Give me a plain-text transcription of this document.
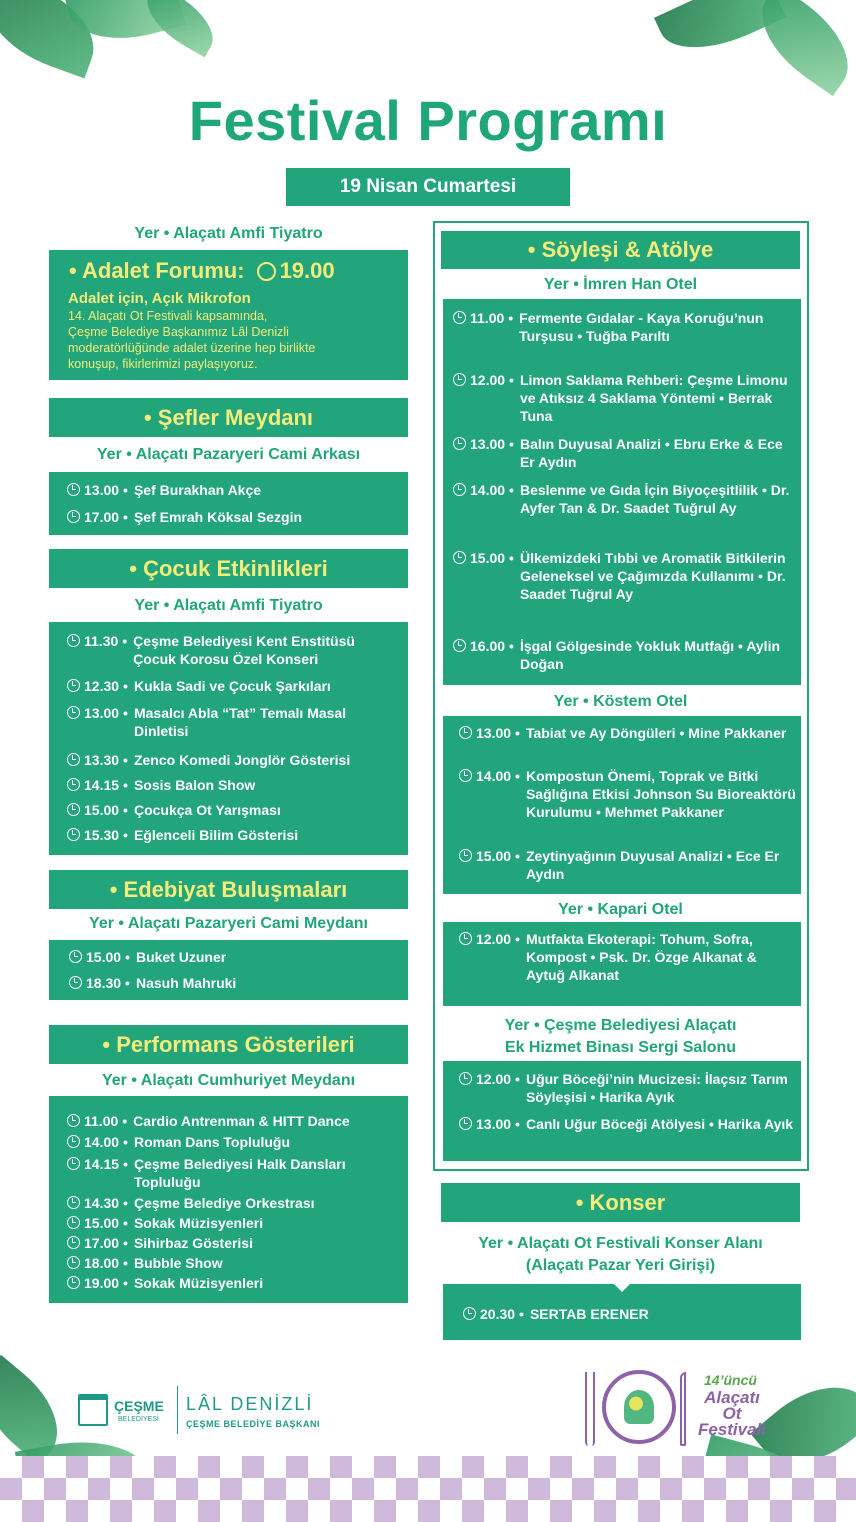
Festival Programı
19 Nisan Cumartesi
Yer • Alaçatı Amfi Tiyatro
• Adalet Forumu: 19.00
Adalet için, Açık Mikrofon
14. Alaçatı Ot Festivali kapsamında,
Çeşme Belediye Başkanımız Lâl Denizli
moderatörlüğünde adalet üzerine hep birlikte
konuşup, fikirlerimizi paylaşıyoruz.
• Şefler Meydanı
Yer • Alaçatı Pazaryeri Cami Arkası
13.00 • Şef Burakhan Akçe
17.00 • Şef Emrah Köksal Sezgin
• Çocuk Etkinlikleri
Yer • Alaçatı Amfi Tiyatro
11.30 • Çeşme Belediyesi Kent Enstitüsü Çocuk Korosu Özel Konseri
12.30 • Kukla Sadi ve Çocuk Şarkıları
13.00 • Masalcı Abla “Tat” Temalı Masal Dinletisi
13.30 • Zenco Komedi Jonglör Gösterisi
14.15 • Sosis Balon Show
15.00 • Çocukça Ot Yarışması
15.30 • Eğlenceli Bilim Gösterisi
• Edebiyat Buluşmaları
Yer • Alaçatı Pazaryeri Cami Meydanı
15.00 • Buket Uzuner
18.30 • Nasuh Mahruki
• Performans Gösterileri
Yer • Alaçatı Cumhuriyet Meydanı
11.00 • Cardio Antrenman & HITT Dance
14.00 • Roman Dans Topluluğu
14.15 • Çeşme Belediyesi Halk Dansları Topluluğu
14.30 • Çeşme Belediye Orkestrası
15.00 • Sokak Müzisyenleri
17.00 • Sihirbaz Gösterisi
18.00 • Bubble Show
19.00 • Sokak Müzisyenleri
• Söyleşi & Atölye
Yer • İmren Han Otel
11.00 • Fermente Gıdalar - Kaya Koruğu’nun Turşusu • Tuğba Parıltı
12.00 • Limon Saklama Rehberi: Çeşme Limonu ve Atıksız 4 Saklama Yöntemi • Berrak Tuna
13.00 • Balın Duyusal Analizi • Ebru Erke & Ece Er Aydın
14.00 • Beslenme ve Gıda İçin Biyoçeşitlilik • Dr. Ayfer Tan & Dr. Saadet Tuğrul Ay
15.00 • Ülkemizdeki Tıbbi ve Aromatik Bitkilerin Geleneksel ve Çağımızda Kullanımı • Dr. Saadet Tuğrul Ay
16.00 • İşgal Gölgesinde Yokluk Mutfağı • Aylin Doğan
Yer • Köstem Otel
13.00 • Tabiat ve Ay Döngüleri • Mine Pakkaner
14.00 • Kompostun Önemi, Toprak ve Bitki Sağlığına Etkisi Johnson Su Bioreaktörü Kurulumu • Mehmet Pakkaner
15.00 • Zeytinyağının Duyusal Analizi • Ece Er Aydın
Yer • Kapari Otel
12.00 • Mutfakta Ekoterapi: Tohum, Sofra, Kompost • Psk. Dr. Özge Alkanat & Aytuğ Alkanat
Yer • Çeşme Belediyesi Alaçatı
Ek Hizmet Binası Sergi Salonu
12.00 • Uğur Böceği’nin Mucizesi: İlaçsız Tarım Söyleşisi • Harika Ayık
13.00 • Canlı Uğur Böceği Atölyesi • Harika Ayık
• Konser
Yer • Alaçatı Ot Festivali Konser Alanı
(Alaçatı Pazar Yeri Girişi)
20.30 • SERTAB ERENER
ÇEŞME
BELEDİYESİ
LÂL DENİZLİ
ÇEŞME BELEDİYE BAŞKANI
14’üncü
Alaçatı
Ot
Festivali
